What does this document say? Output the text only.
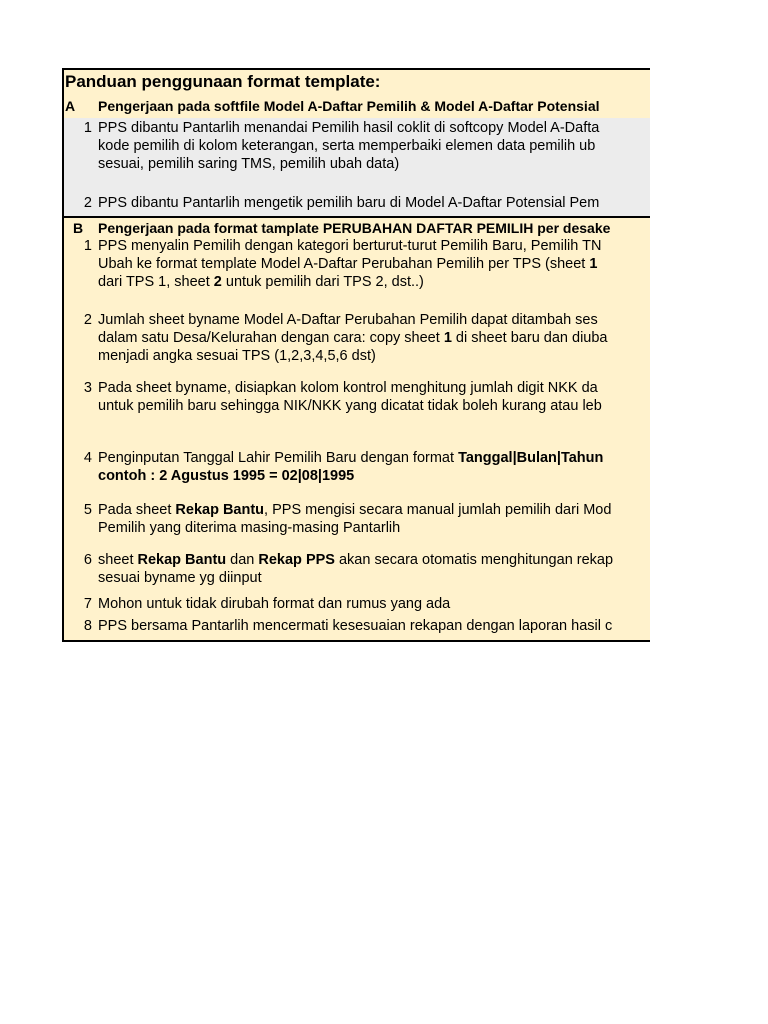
Panduan penggunaan format template:
A	Pengerjaan pada softfile Model A-Daftar Pemilih & Model A-Daftar Potensial
1 PPS dibantu Pantarlih menandai Pemilih hasil coklit di softcopy Model A-Dafta
kode pemilih di kolom keterangan, serta memperbaiki elemen data pemilih ub
sesuai, pemilih saring TMS, pemilih ubah data)
2 PPS dibantu Pantarlih mengetik pemilih baru di Model A-Daftar Potensial Pem
B	Pengerjaan pada format tamplate PERUBAHAN DAFTAR PEMILIH per desake
1 PPS menyalin Pemilih dengan kategori berturut-turut Pemilih Baru, Pemilih TN
Ubah ke format template Model A-Daftar Perubahan Pemilih per TPS (sheet 1
dari TPS 1, sheet 2 untuk pemilih dari TPS 2, dst..)
2 Jumlah sheet byname Model A-Daftar Perubahan Pemilih dapat ditambah ses
dalam satu Desa/Kelurahan dengan cara: copy sheet 1 di sheet baru dan diuba
menjadi angka sesuai TPS (1,2,3,4,5,6 dst)
3 Pada sheet byname, disiapkan kolom kontrol menghitung jumlah digit NKK da
untuk pemilih baru sehingga NIK/NKK yang dicatat tidak boleh kurang atau leb
4 Penginputan Tanggal Lahir Pemilih Baru dengan format Tanggal|Bulan|Tahun
contoh : 2 Agustus 1995 = 02|08|1995
5 Pada sheet Rekap Bantu, PPS mengisi secara manual jumlah pemilih dari Mod
Pemilih yang diterima masing-masing Pantarlih
6 sheet Rekap Bantu dan Rekap PPS akan secara otomatis menghitungan rekap
sesuai byname yg diinput
7 Mohon untuk tidak dirubah format dan rumus yang ada
8 PPS bersama Pantarlih mencermati kesesuaian rekapan dengan laporan hasil c
